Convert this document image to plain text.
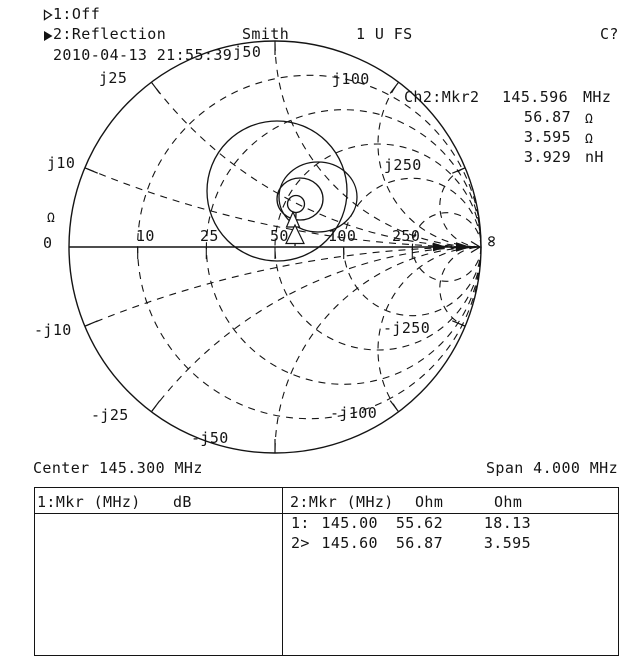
1:Off
2:Reflection	Smith	1 U FS	C?
2010-04-13 21:55:39
Ch2:Mkr2 145.596 MHz
56.87 Ω
3.595 Ω
3.929 nH
j50
j100
j250
j25
j10
-j10
-j25
-j50
-j100
-j250
Ω
0	10	25	50	100 250	∞
Center 145.300 MHz	Span 4.000 MHz
1:Mkr (MHz) dB	2:Mkr (MHz) Ohm	Ohm
1: 145.00 55.62	18.13
2> 145.60 56.87	3.595
